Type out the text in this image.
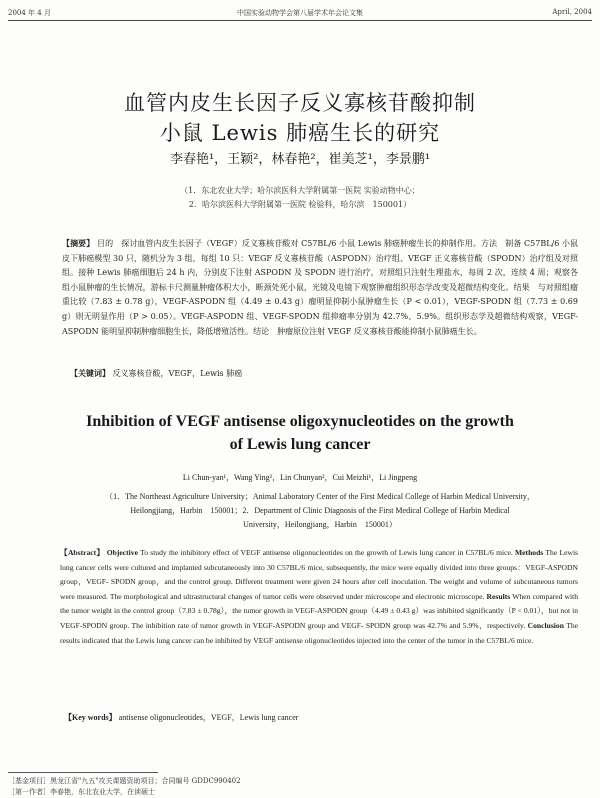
2004 年 4 月	中国实验动物学会第八届学术年会论文集	April, 2004
血管内皮生长因子反义寡核苷酸抑制
小鼠 Lewis 肺癌生长的研究
李春艳¹，王颖²，林春艳²，崔美芝¹，李景鹏¹
（1．东北农业大学；哈尔滨医科大学附属第一医院 实验动物中心；
2．哈尔滨医科大学附属第一医院 检验科，哈尔滨　150001）
【摘要】 目的　探讨血管内皮生长因子（VEGF）反义寡核苷酸对 C57BL/6 小鼠 Lewis 肺癌肿瘤生长的抑制作用。方法　制备 C57BL/6 小鼠皮下肺癌模型 30 只，随机分为 3 组，每组 10 只：VEGF 反义寡核苷酸（ASPODN）治疗组、VEGF 正义寡核苷酸（SPODN）治疗组及对照组。接种 Lewis 肺癌细胞后 24 h 内，分别皮下注射 ASPODN 及 SPODN 进行治疗，对照组只注射生理盐水，每周 2 次，连续 4 周；观察各组小鼠肿瘤的生长情况，游标卡尺测量肿瘤体积大小，断颈处死小鼠，光镜及电镜下观察肿瘤组织形态学改变及超微结构变化。结果　与对照组瘤重比较（7.83 ± 0.78 g），VEGF-ASPODN 组（4.49 ± 0.43 g）瘤明显抑制小鼠肿瘤生长（P < 0.01），VEGF-SPODN 组（7.73 ± 0.69 g）则无明显作用（P > 0.05）。VEGF-ASPODN 组、VEGF-SPODN 组抑瘤率分别为 42.7%、5.9%。组织形态学及超微结构观察，VEGF-ASPODN 能明显抑制肿瘤细胞生长，降低增殖活性。结论　肿瘤原位注射 VEGF 反义寡核苷酸能抑制小鼠肺癌生长。
【关键词】 反义寡核苷酸，VEGF，Lewis 肺癌
Inhibition of VEGF antisense oligoxynucleotides on the growth
of Lewis lung cancer
Li Chun-yan¹，Wang Ying²，Lin Chunyan²，Cui Meizhi¹，Li Jingpeng
（1．The Northeast Agriculture University；Animal Laboratory Center of the First Medical College of Harbin Medical University，
Heilongjiang，Harbin　150001；2．Department of Clinic Diagnosis of the First Medical College of Harbin Medical
University，Heilongjiang，Harbin　150001）
【Abstract】 Objective To study the inhibitory effect of VEGF antisense oligonucleotides on the growth of Lewis lung cancer in C57BL/6 mice. Methods The Lewis lung cancer cells were cultured and implanted subcutaneously into 30 C57BL/6 mice, subsequently, the mice were equally divided into three groups：VEGF-ASPODN group，VEGF- SPODN group，and the control group. Different treatment were given 24 hours after cell inoculation. The weight and volume of subcutaneous tumors were measured. The morphological and ultrastructural changes of tumor cells were observed under microscope and electronic microscope. Results When compared with the tumor weight in the control group（7.83 ± 0.78g），the tumor growth in VEGF-ASPODN group（4.49 ± 0.43 g）was inhibited significantly（P < 0.01），but not in VEGF-SPODN group. The inhibition rate of tumor growth in VEGF-ASPODN group and VEGF- SPODN group was 42.7% and 5.9%，respectively. Conclusion The results indicated that the Lewis lung cancer can be inhibited by VEGF antisense oligonucleotides injected into the center of the tumor in the C57BL/6 mice.
【Key words】 antisense oligonucleotides，VEGF，Lewis lung cancer
［基金项目］黑龙江省"九五"攻关课题资助项目；合同编号 GDDC990402
［第一作者］李春艳，东北农业大学，在读硕士
